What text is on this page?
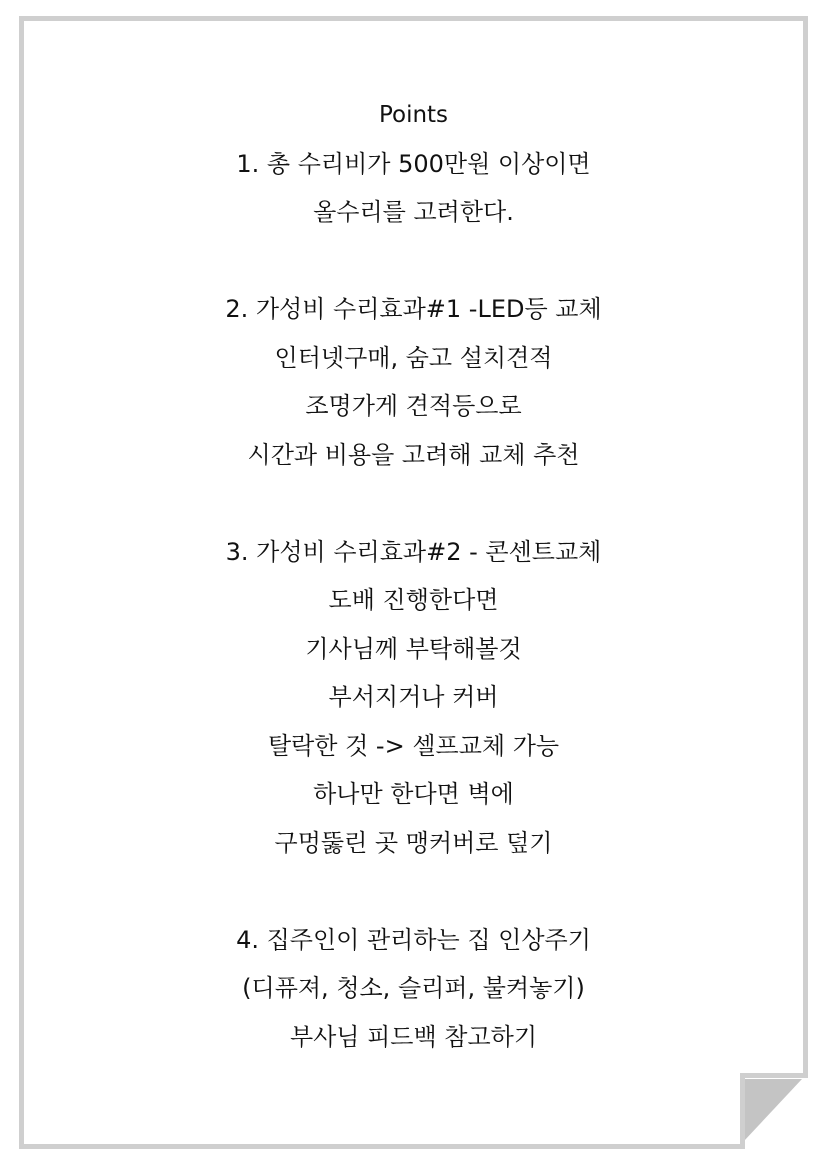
Points
1. 총 수리비가 500만원 이상이면
올수리를 고려한다.
2. 가성비 수리효과#1 -LED등 교체
인터넷구매, 숨고 설치견적
조명가게 견적등으로
시간과 비용을 고려해 교체 추천
3. 가성비 수리효과#2 - 콘센트교체
도배 진행한다면
기사님께 부탁해볼것
부서지거나 커버
탈락한 것 -> 셀프교체 가능
하나만 한다면 벽에
구멍뚫린 곳 맹커버로 덮기
4. 집주인이 관리하는 집 인상주기
(디퓨져, 청소, 슬리퍼, 불켜놓기)
부사님 피드백 참고하기
